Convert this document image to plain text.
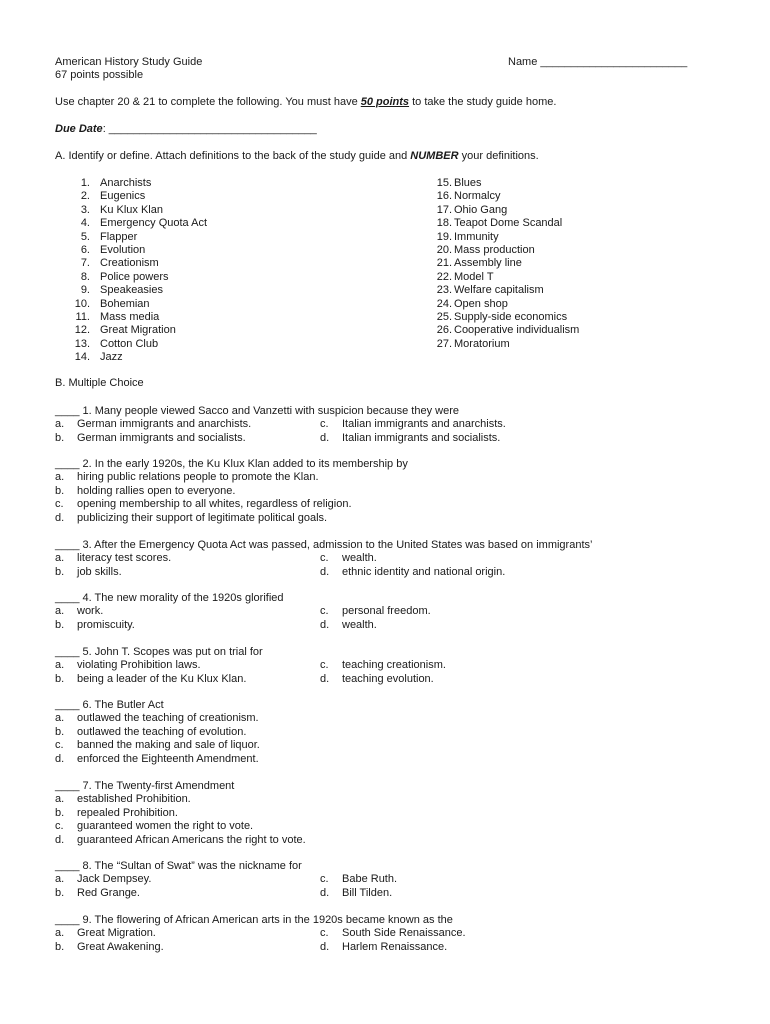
American History Study Guide
67 points possible
Name ________________________
Use chapter 20 & 21 to complete the following. You must have 50 points to take the study guide home.
Due Date: __________________________________
A. Identify or define. Attach definitions to the back of the study guide and NUMBER your definitions.
1. Anarchists
2. Eugenics
3. Ku Klux Klan
4. Emergency Quota Act
5. Flapper
6. Evolution
7. Creationism
8. Police powers
9. Speakeasies
10. Bohemian
11. Mass media
12. Great Migration
13. Cotton Club
14. Jazz
15. Blues
16. Normalcy
17. Ohio Gang
18. Teapot Dome Scandal
19. Immunity
20. Mass production
21. Assembly line
22. Model T
23. Welfare capitalism
24. Open shop
25. Supply-side economics
26. Cooperative individualism
27. Moratorium
B. Multiple Choice
____ 1. Many people viewed Sacco and Vanzetti with suspicion because they were
a. German immigrants and anarchists.
b. German immigrants and socialists.
c. Italian immigrants and anarchists.
d. Italian immigrants and socialists.
____ 2. In the early 1920s, the Ku Klux Klan added to its membership by
a. hiring public relations people to promote the Klan.
b. holding rallies open to everyone.
c. opening membership to all whites, regardless of religion.
d. publicizing their support of legitimate political goals.
____ 3. After the Emergency Quota Act was passed, admission to the United States was based on immigrants’
a. literacy test scores.
b. job skills.
c. wealth.
d. ethnic identity and national origin.
____ 4. The new morality of the 1920s glorified
a. work.
b. promiscuity.
c. personal freedom.
d. wealth.
____ 5. John T. Scopes was put on trial for
a. violating Prohibition laws.
b. being a leader of the Ku Klux Klan.
c. teaching creationism.
d. teaching evolution.
____ 6. The Butler Act
a. outlawed the teaching of creationism.
b. outlawed the teaching of evolution.
c. banned the making and sale of liquor.
d. enforced the Eighteenth Amendment.
____ 7. The Twenty-first Amendment
a. established Prohibition.
b. repealed Prohibition.
c. guaranteed women the right to vote.
d. guaranteed African Americans the right to vote.
____ 8. The “Sultan of Swat” was the nickname for
a. Jack Dempsey.
b. Red Grange.
c. Babe Ruth.
d. Bill Tilden.
____ 9. The flowering of African American arts in the 1920s became known as the
a. Great Migration.
b. Great Awakening.
c. South Side Renaissance.
d. Harlem Renaissance.
